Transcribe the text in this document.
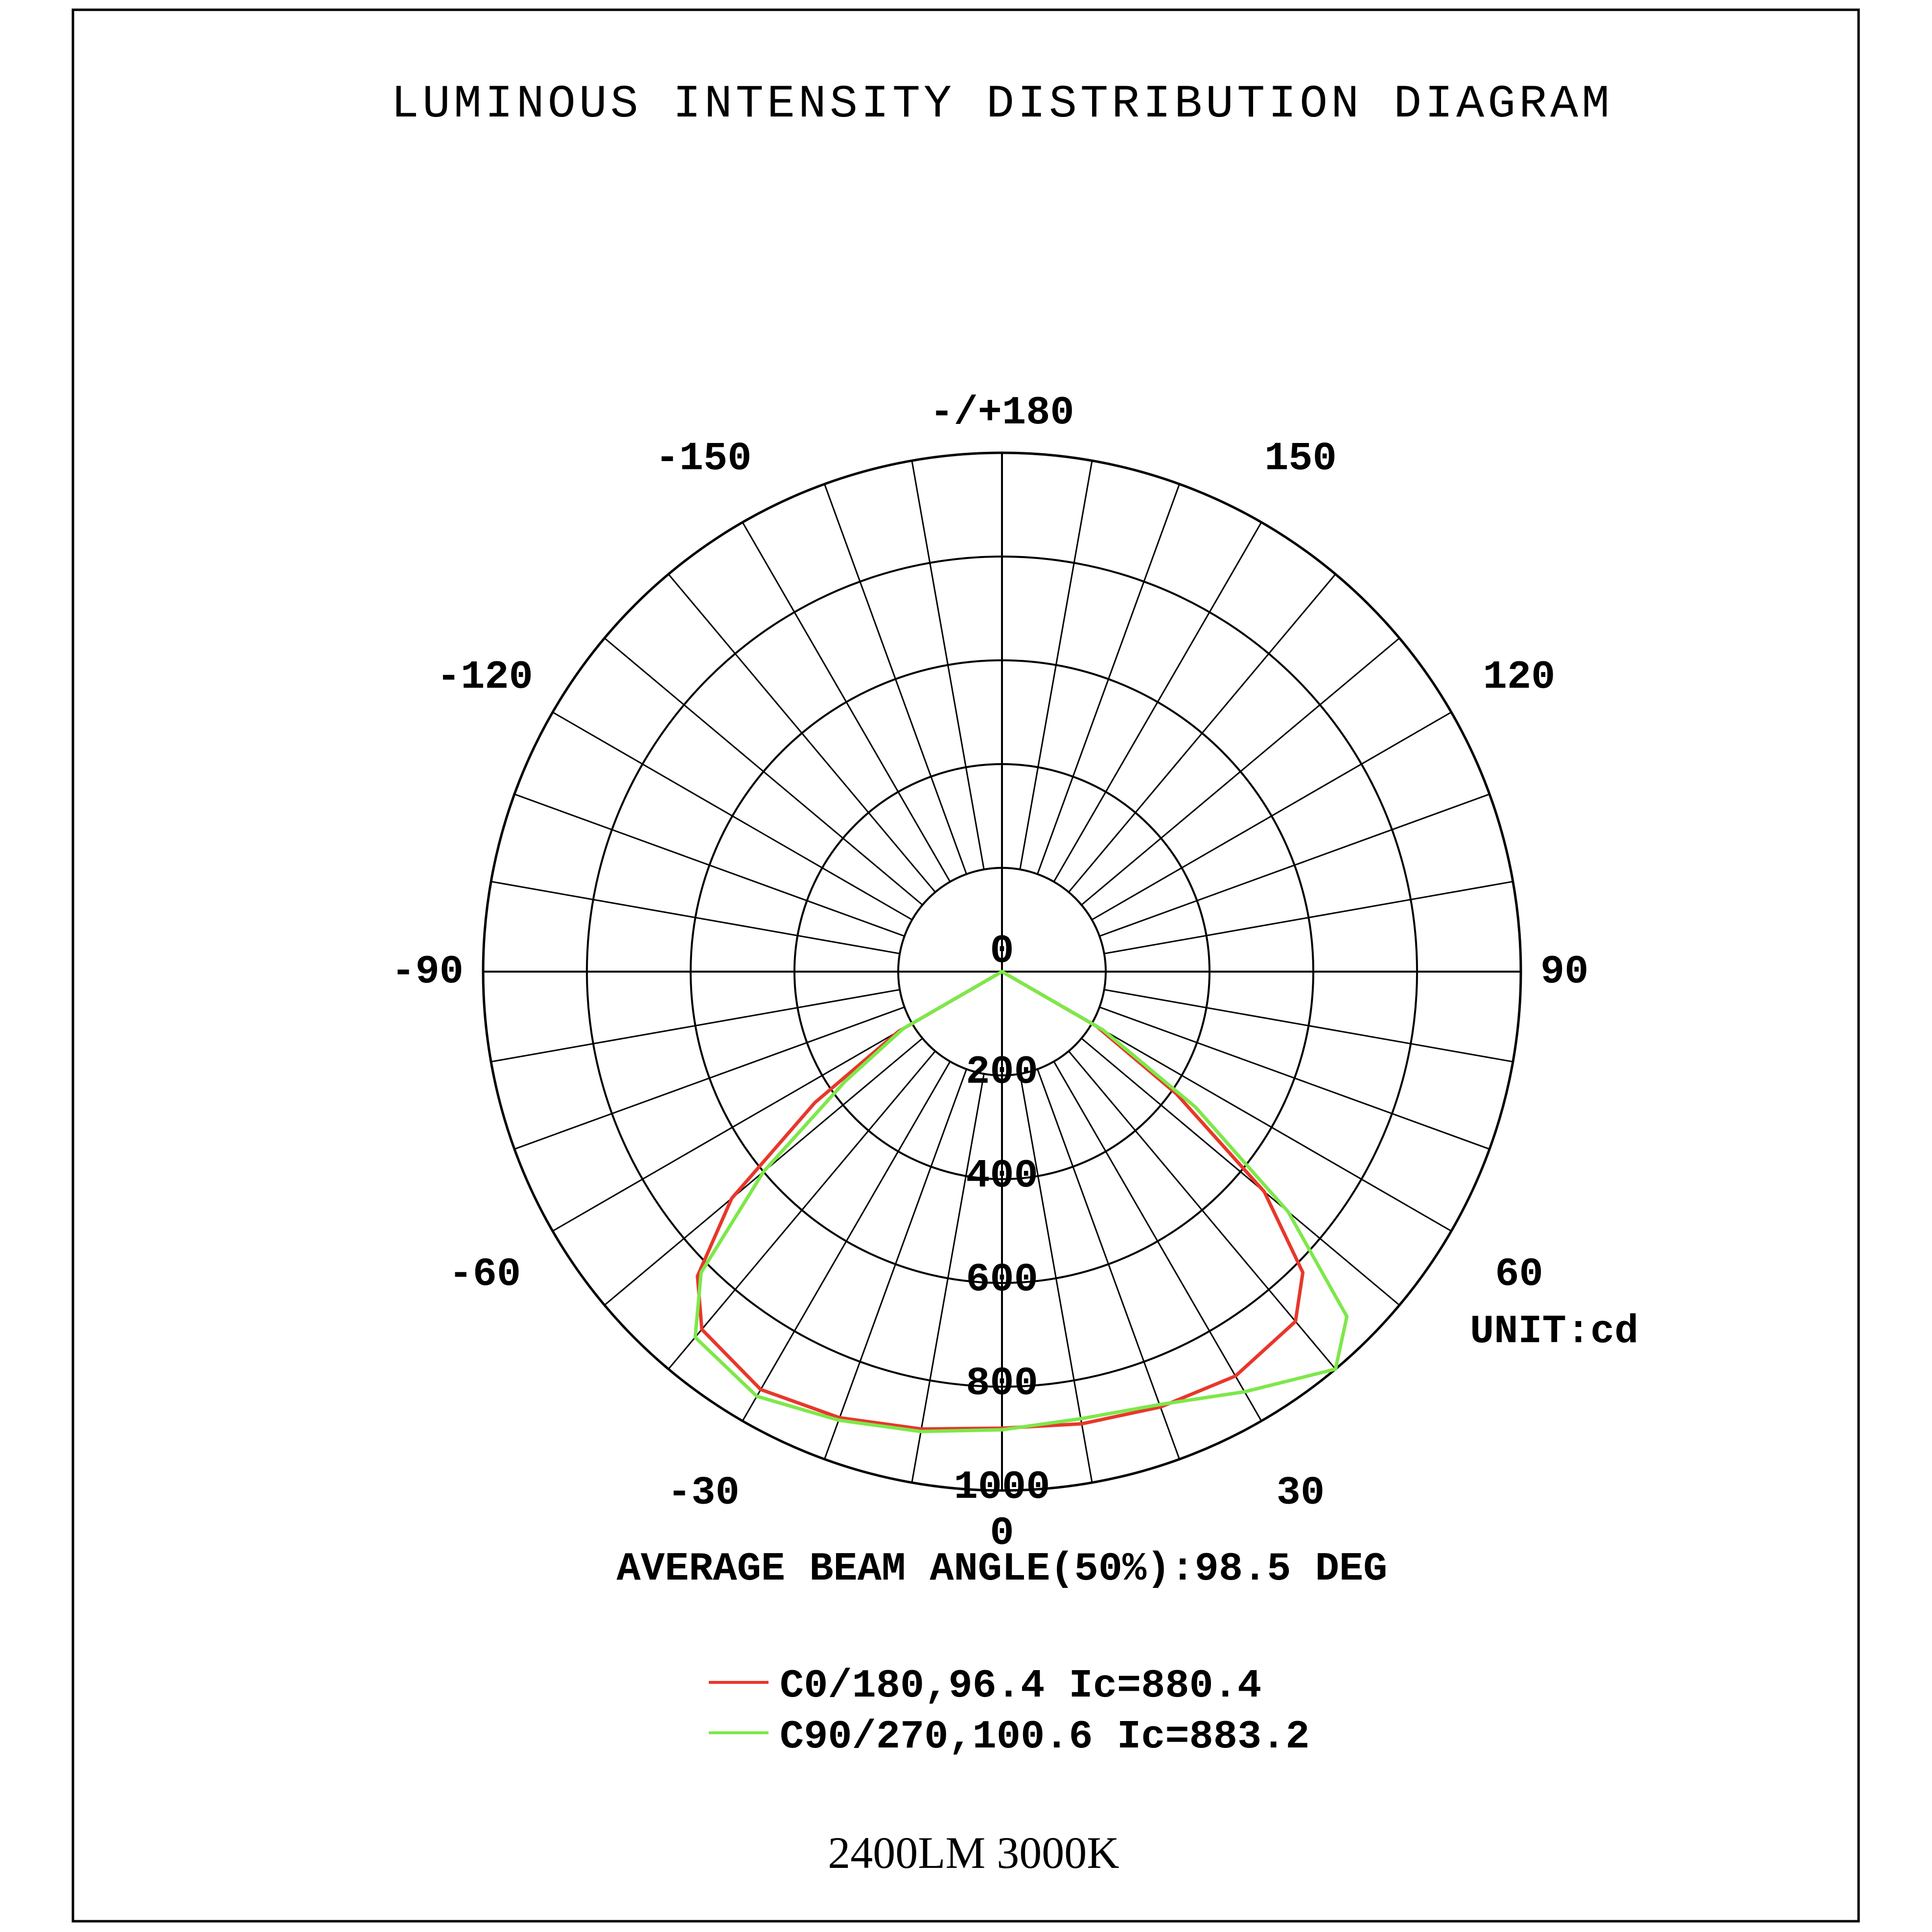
LUMINOUS INTENSITY DISTRIBUTION DIAGRAM
-/+180
150
-150
120
-120
90
-90
60
-60
30
-30
0
0
200
400
600
800
1000
UNIT:cd
AVERAGE BEAM ANGLE(50%):98.5 DEG
C0/180,96.4 Ic=880.4
C90/270,100.6 Ic=883.2
2400LM 3000K
